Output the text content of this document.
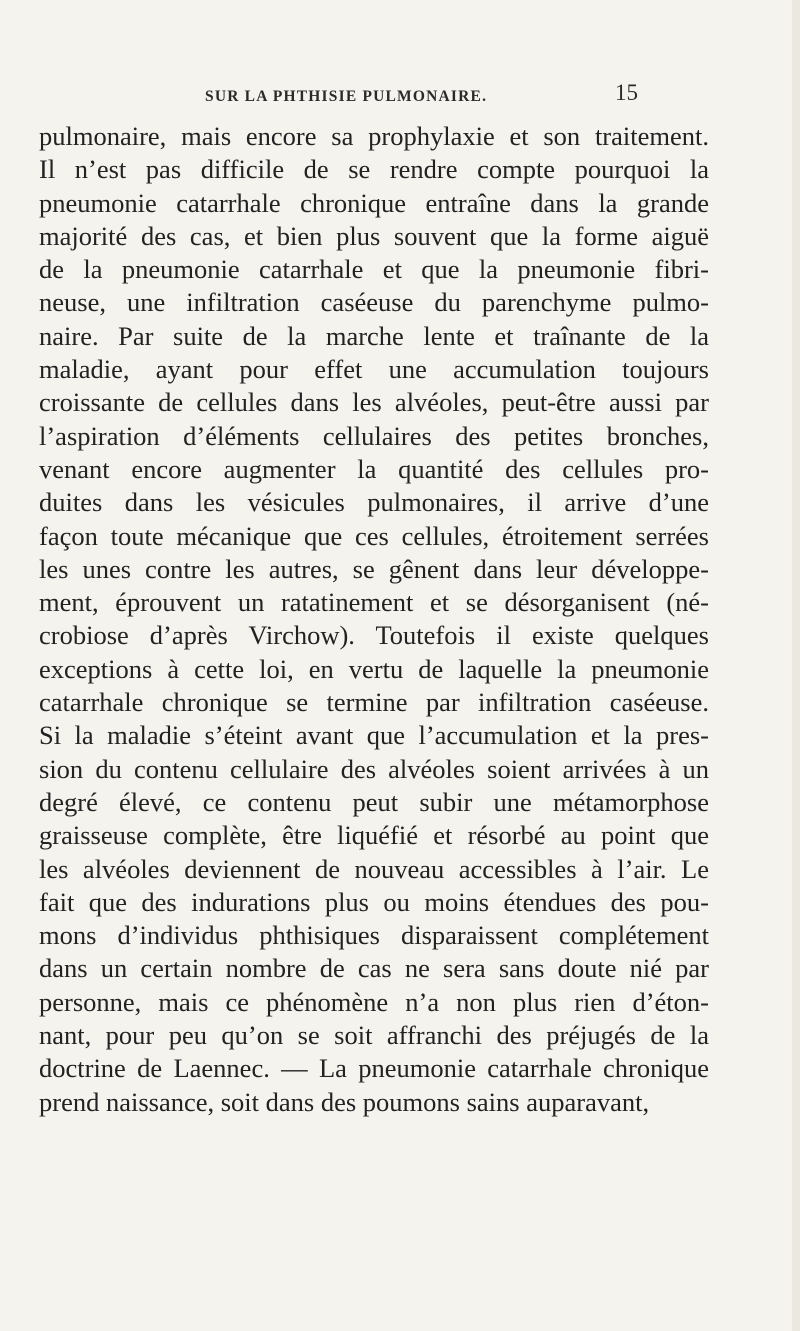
SUR LA PHTHISIE PULMONAIRE.	15
pulmonaire, mais encore sa prophylaxie et son traitement.
Il n’est pas difficile de se rendre compte pourquoi la
pneumonie catarrhale chronique entraîne dans la grande
majorité des cas, et bien plus souvent que la forme aiguë
de la pneumonie catarrhale et que la pneumonie fibri-
neuse, une infiltration caséeuse du parenchyme pulmo-
naire. Par suite de la marche lente et traînante de la
maladie, ayant pour effet une accumulation toujours
croissante de cellules dans les alvéoles, peut-être aussi par
l’aspiration d’éléments cellulaires des petites bronches,
venant encore augmenter la quantité des cellules pro-
duites dans les vésicules pulmonaires, il arrive d’une
façon toute mécanique que ces cellules, étroitement serrées
les unes contre les autres, se gênent dans leur développe-
ment, éprouvent un ratatinement et se désorganisent (né-
crobiose d’après Virchow). Toutefois il existe quelques
exceptions à cette loi, en vertu de laquelle la pneumonie
catarrhale chronique se termine par infiltration caséeuse.
Si la maladie s’éteint avant que l’accumulation et la pres-
sion du contenu cellulaire des alvéoles soient arrivées à un
degré élevé, ce contenu peut subir une métamorphose
graisseuse complète, être liquéfié et résorbé au point que
les alvéoles deviennent de nouveau accessibles à l’air. Le
fait que des indurations plus ou moins étendues des pou-
mons d’individus phthisiques disparaissent complétement
dans un certain nombre de cas ne sera sans doute nié par
personne, mais ce phénomène n’a non plus rien d’éton-
nant, pour peu qu’on se soit affranchi des préjugés de la
doctrine de Laennec. — La pneumonie catarrhale chronique
prend naissance, soit dans des poumons sains auparavant,
